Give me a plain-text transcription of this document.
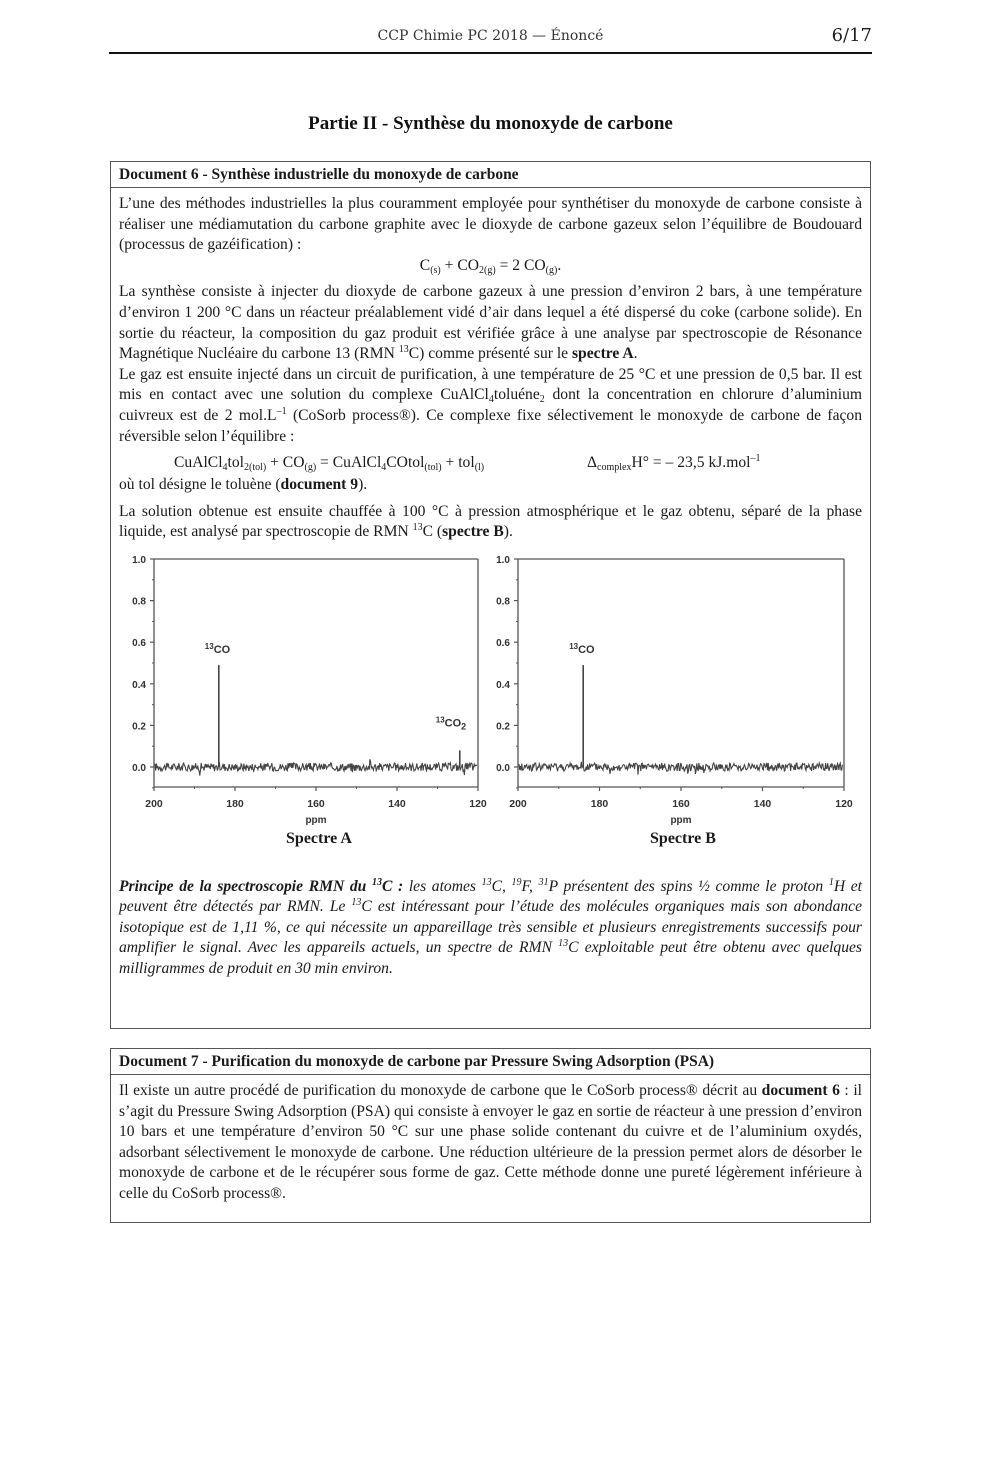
CCP Chimie PC 2018 — Énoncé	6/17
Partie II - Synthèse du monoxyde de carbone
Document 6 - Synthèse industrielle du monoxyde de carbone

L’une des méthodes industrielles la plus couramment employée pour synthétiser du monoxyde de carbone consiste à réaliser une médiamutation du carbone graphite avec le dioxyde de carbone gazeux selon l’équilibre de Boudouard (processus de gazéification) :

$C_{(s)} + CO_{2(g)} = 2$ $CO_{(g)}$.

La synthèse consiste à injecter du dioxyde de carbone gazeux à une pression d’environ 2 bars, à une température d’environ 1 200 °C dans un réacteur préalablement vidé d’air dans lequel a été dispersé du coke (carbone solide). En sortie du réacteur, la composition du gaz produit est vérifiée grâce à une analyse par spectroscopie de Résonance Magnétique Nucléaire du carbone 13 (RMN $^{13}$C) comme présenté sur le spectre A.

Le gaz est ensuite injecté dans un circuit de purification, à une température de 25 °C et une pression de 0,5 bar. Il est mis en contact avec une solution du complexe CuAlCl$_4$toluéne$_2$ dont la concentration en chlorure d’aluminium cuivreux est de 2 $mol.L^{-1}$ (CoSorb process®). Ce complexe fixe sélectivement le monoxyde de carbone de façon réversible selon l’équilibre :

CuAlCl$_4$tol$_{2(tol)}$ + $CO_{(g)}$ = CuAlCl$_4$COtol$_{(tol)}$ + tol$_{(l)}$	$\Delta_{complex}H^\circ$ = – 23,5 kJ.mol$^{-1}$

où tol désigne le toluène (document 9).

La solution obtenue est ensuite chauffée à 100 °C à pression atmosphérique et le gaz obtenu, séparé de la phase liquide, est analysé par spectroscopie de RMN $^{13}$C (spectre B).

0.0
0.2
0.4
0.6
0.8
1.0
200	180	160	140	120
ppm
$^{13}$CO
$^{13}CO_2$
0.0
0.2
0.4
0.6
0.8
1.0
200	180	160	140	120
ppm
$^{13}$CO
Spectre A	Spectre B
Principe de la spectroscopie RMN du $^{13}$C : les atomes $^{13}$C, $^{19}$F, $^{31}$P présentent des spins ½ comme le proton $^1$H et peuvent être détectés par RMN. Le $^{13}$C est intéressant pour l’étude des molécules organiques mais son abondance isotopique est de 1,11 %, ce qui nécessite un appareillage très sensible et plusieurs enregistrements successifs pour amplifier le signal. Avec les appareils actuels, un spectre de RMN $^{13}$C exploitable peut être obtenu avec quelques milligrammes de produit en 30 min environ.
Document 7 - Purification du monoxyde de carbone par Pressure Swing Adsorption (PSA)

Il existe un autre procédé de purification du monoxyde de carbone que le CoSorb process® décrit au document 6 : il s’agit du Pressure Swing Adsorption (PSA) qui consiste à envoyer le gaz en sortie de réacteur à une pression d’environ 10 bars et une température d’environ 50 °C sur une phase solide contenant du cuivre et de l’aluminium oxydés, adsorbant sélectivement le monoxyde de carbone. Une réduction ultérieure de la pression permet alors de désorber le monoxyde de carbone et de le récupérer sous forme de gaz. Cette méthode donne une pureté légèrement inférieure à celle du CoSorb process®.
